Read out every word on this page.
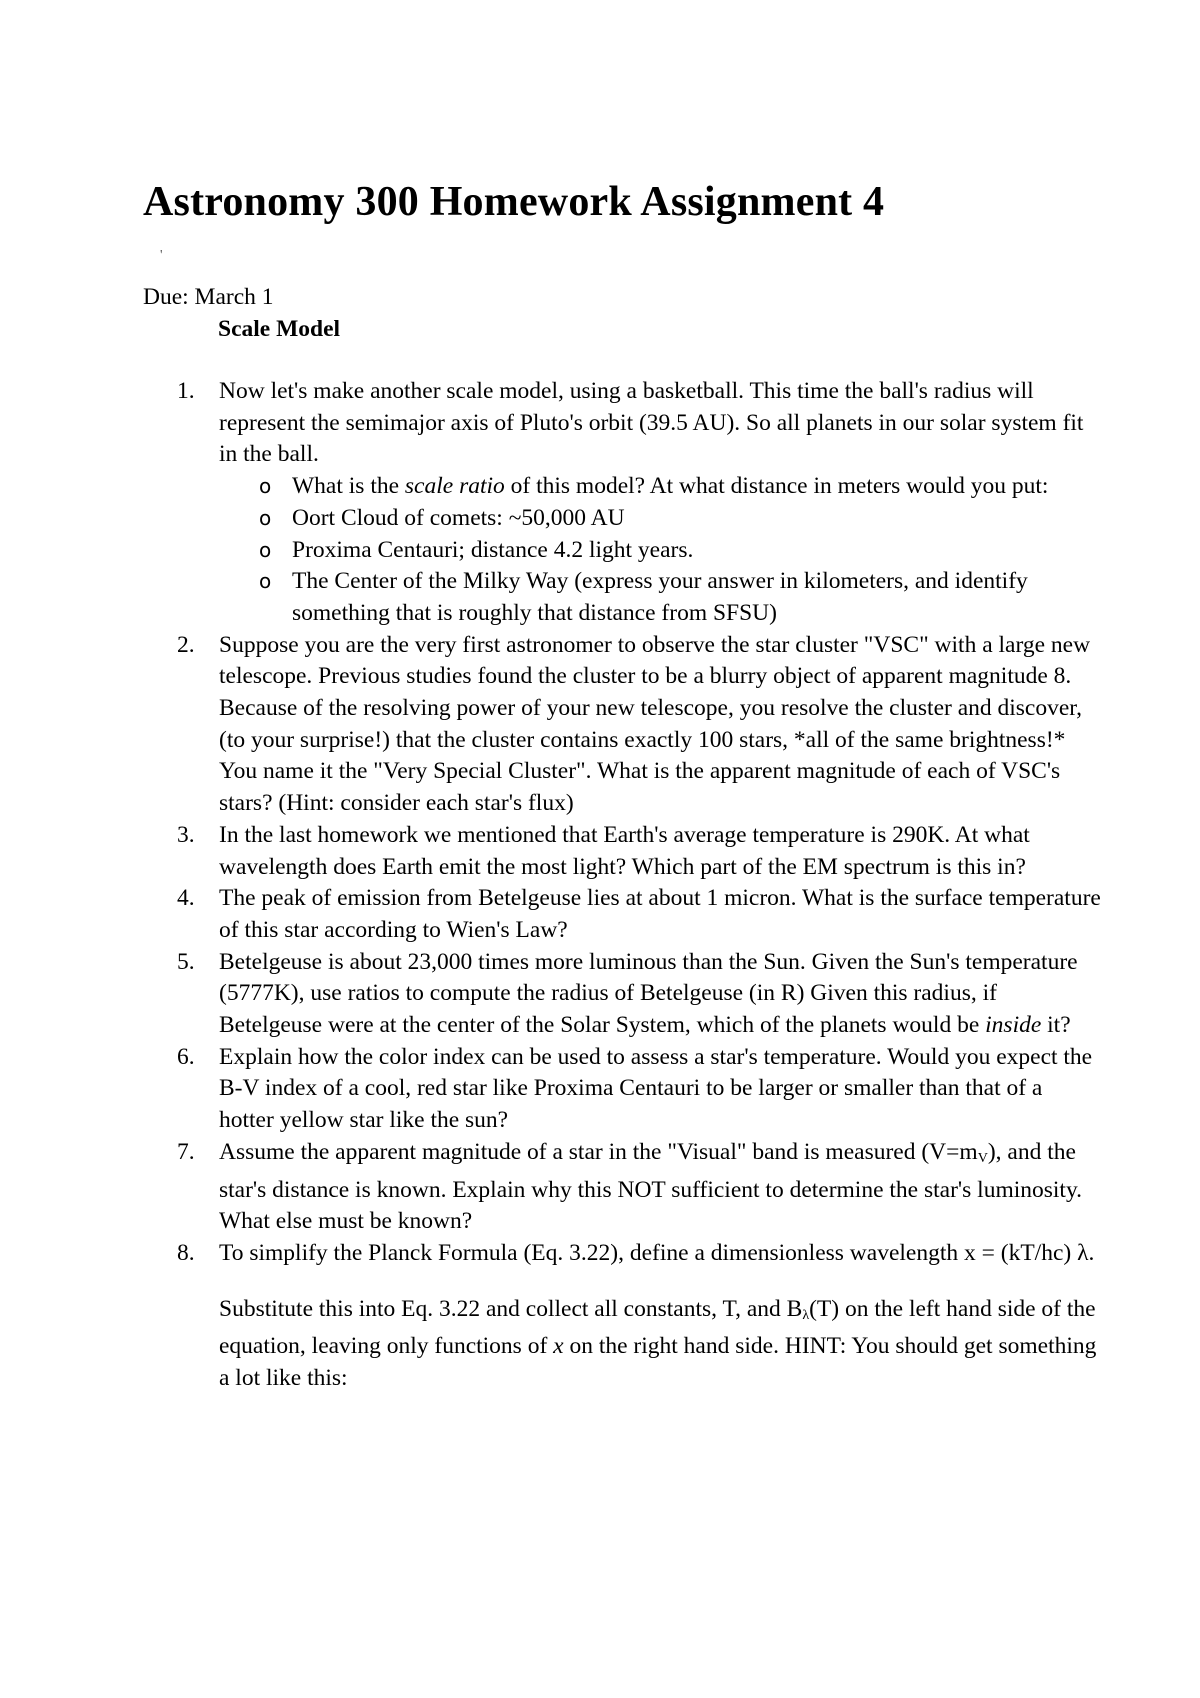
Astronomy 300 Homework Assignment 4
'
Due: March 1
Scale Model
1.	Now let's make another scale model, using a basketball. This time the ball's radius will represent the semimajor axis of Pluto's orbit (39.5 AU). So all planets in our solar system fit in the ball.
o What is the scale ratio of this model? At what distance in meters would you put:
o Oort Cloud of comets: ~50,000 AU
o Proxima Centauri; distance 4.2 light years.
o The Center of the Milky Way (express your answer in kilometers, and identify something that is roughly that distance from SFSU)
2.	Suppose you are the very first astronomer to observe the star cluster "VSC" with a large new telescope. Previous studies found the cluster to be a blurry object of apparent magnitude 8. Because of the resolving power of your new telescope, you resolve the cluster and discover, (to your surprise!) that the cluster contains exactly 100 stars, *all of the same brightness!* You name it the "Very Special Cluster". What is the apparent magnitude of each of VSC's stars? (Hint: consider each star's flux)
3.	In the last homework we mentioned that Earth's average temperature is 290K. At what wavelength does Earth emit the most light? Which part of the EM spectrum is this in?
4.	The peak of emission from Betelgeuse lies at about 1 micron. What is the surface temperature of this star according to Wien's Law?
5.	Betelgeuse is about 23,000 times more luminous than the Sun. Given the Sun's temperature (5777K), use ratios to compute the radius of Betelgeuse (in R) Given this radius, if Betelgeuse were at the center of the Solar System, which of the planets would be inside it?
6.	Explain how the color index can be used to assess a star's temperature. Would you expect the B-V index of a cool, red star like Proxima Centauri to be larger or smaller than that of a hotter yellow star like the sun?
7.	Assume the apparent magnitude of a star in the "Visual" band is measured $(V=m_V)$, and the star's distance is known. Explain why this NOT sufficient to determine the star's luminosity. What else must be known?
8.	To simplify the Planck Formula (Eq. 3.22), define a dimensionless wavelength x = (kT/hc) λ.
Substitute this into Eq. 3.22 and collect all constants, T, and $B_\lambda(T)$ on the left hand side of the equation, leaving only functions of x on the right hand side. HINT: You should get something a lot like this:
